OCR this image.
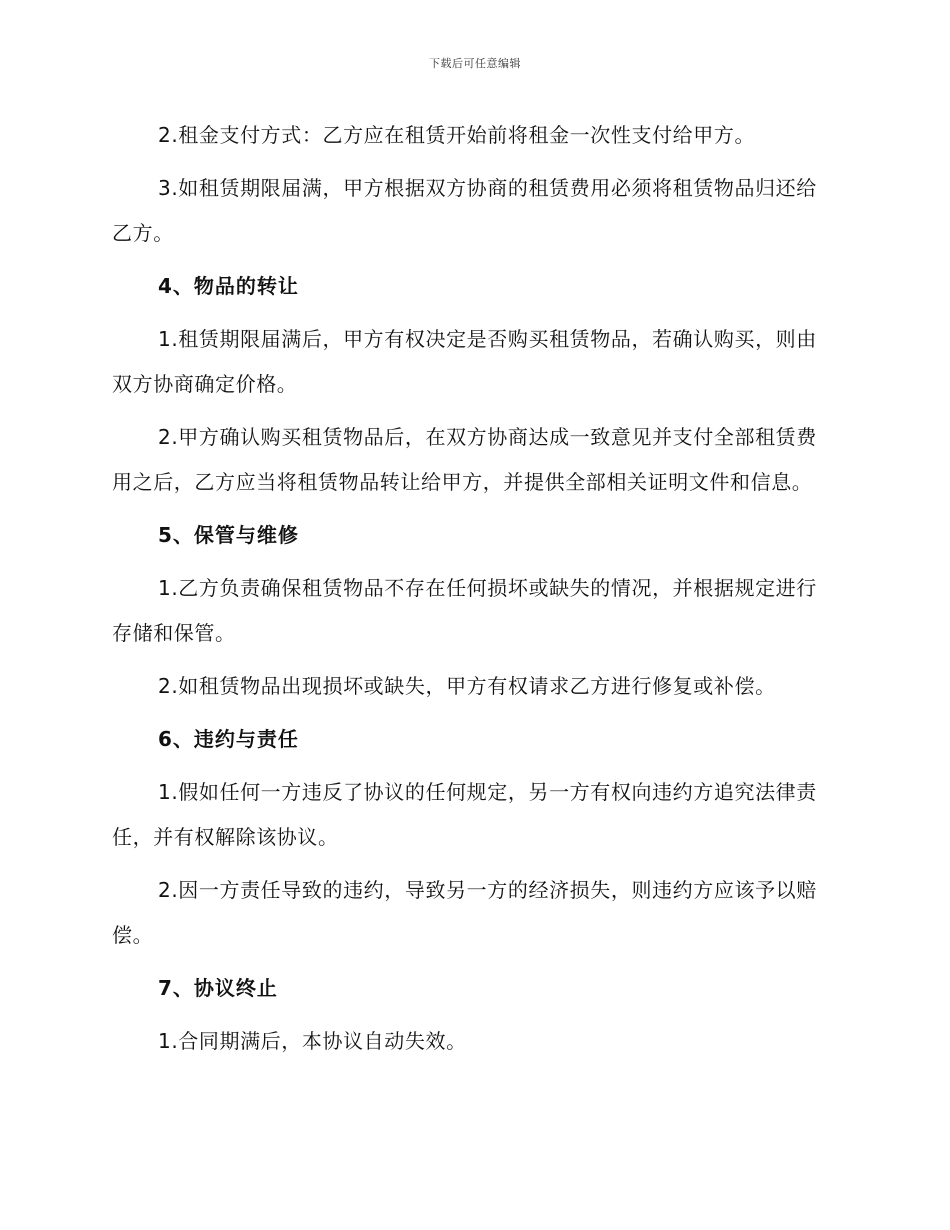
下载后可任意编辑

2.租金支付方式：乙方应在租赁开始前将租金一次性支付给甲方。

3.如租赁期限届满，甲方根据双方协商的租赁费用必须将租赁物品归还给乙方。

4、物品的转让

1.租赁期限届满后，甲方有权决定是否购买租赁物品，若确认购买，则由双方协商确定价格。

2.甲方确认购买租赁物品后，在双方协商达成一致意见并支付全部租赁费用之后，乙方应当将租赁物品转让给甲方，并提供全部相关证明文件和信息。

5、保管与维修

1.乙方负责确保租赁物品不存在任何损坏或缺失的情况，并根据规定进行存储和保管。

2.如租赁物品出现损坏或缺失，甲方有权请求乙方进行修复或补偿。

6、违约与责任

1.假如任何一方违反了协议的任何规定，另一方有权向违约方追究法律责任，并有权解除该协议。

2.因一方责任导致的违约，导致另一方的经济损失，则违约方应该予以赔偿。

7、协议终止

1.合同期满后，本协议自动失效。
